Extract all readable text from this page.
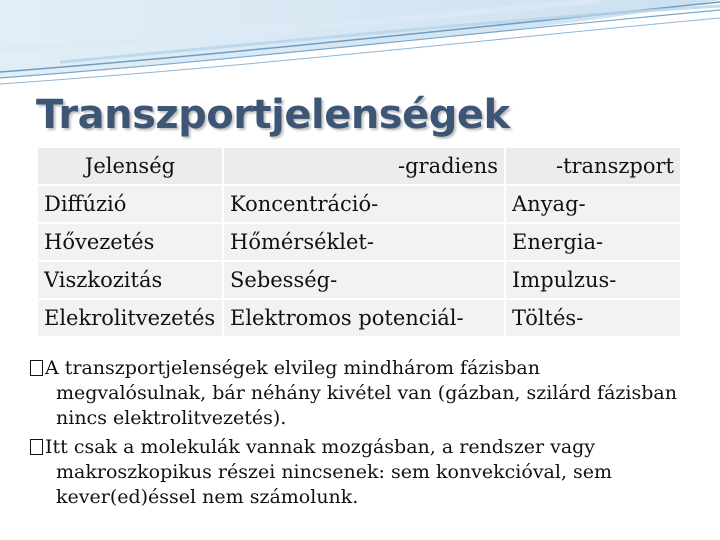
Transzportjelenségek
Jelenség	-gradiens	-transzport
Diffúzió	Koncentráció-	Anyag-
Hővezetés	Hőmérséklet-	Energia-
Viszkozitás	Sebesség-	Impulzus-
Elekrolitvezetés	Elektromos potenciál-	Töltés-
A transzportjelenségek elvileg mindhárom fázisban
megvalósulnak, bár néhány kivétel van (gázban, szilárd fázisban
nincs elektrolitvezetés).
Itt csak a molekulák vannak mozgásban, a rendszer vagy
makroszkopikus részei nincsenek: sem konvekcióval, sem
kever(ed)éssel nem számolunk.
